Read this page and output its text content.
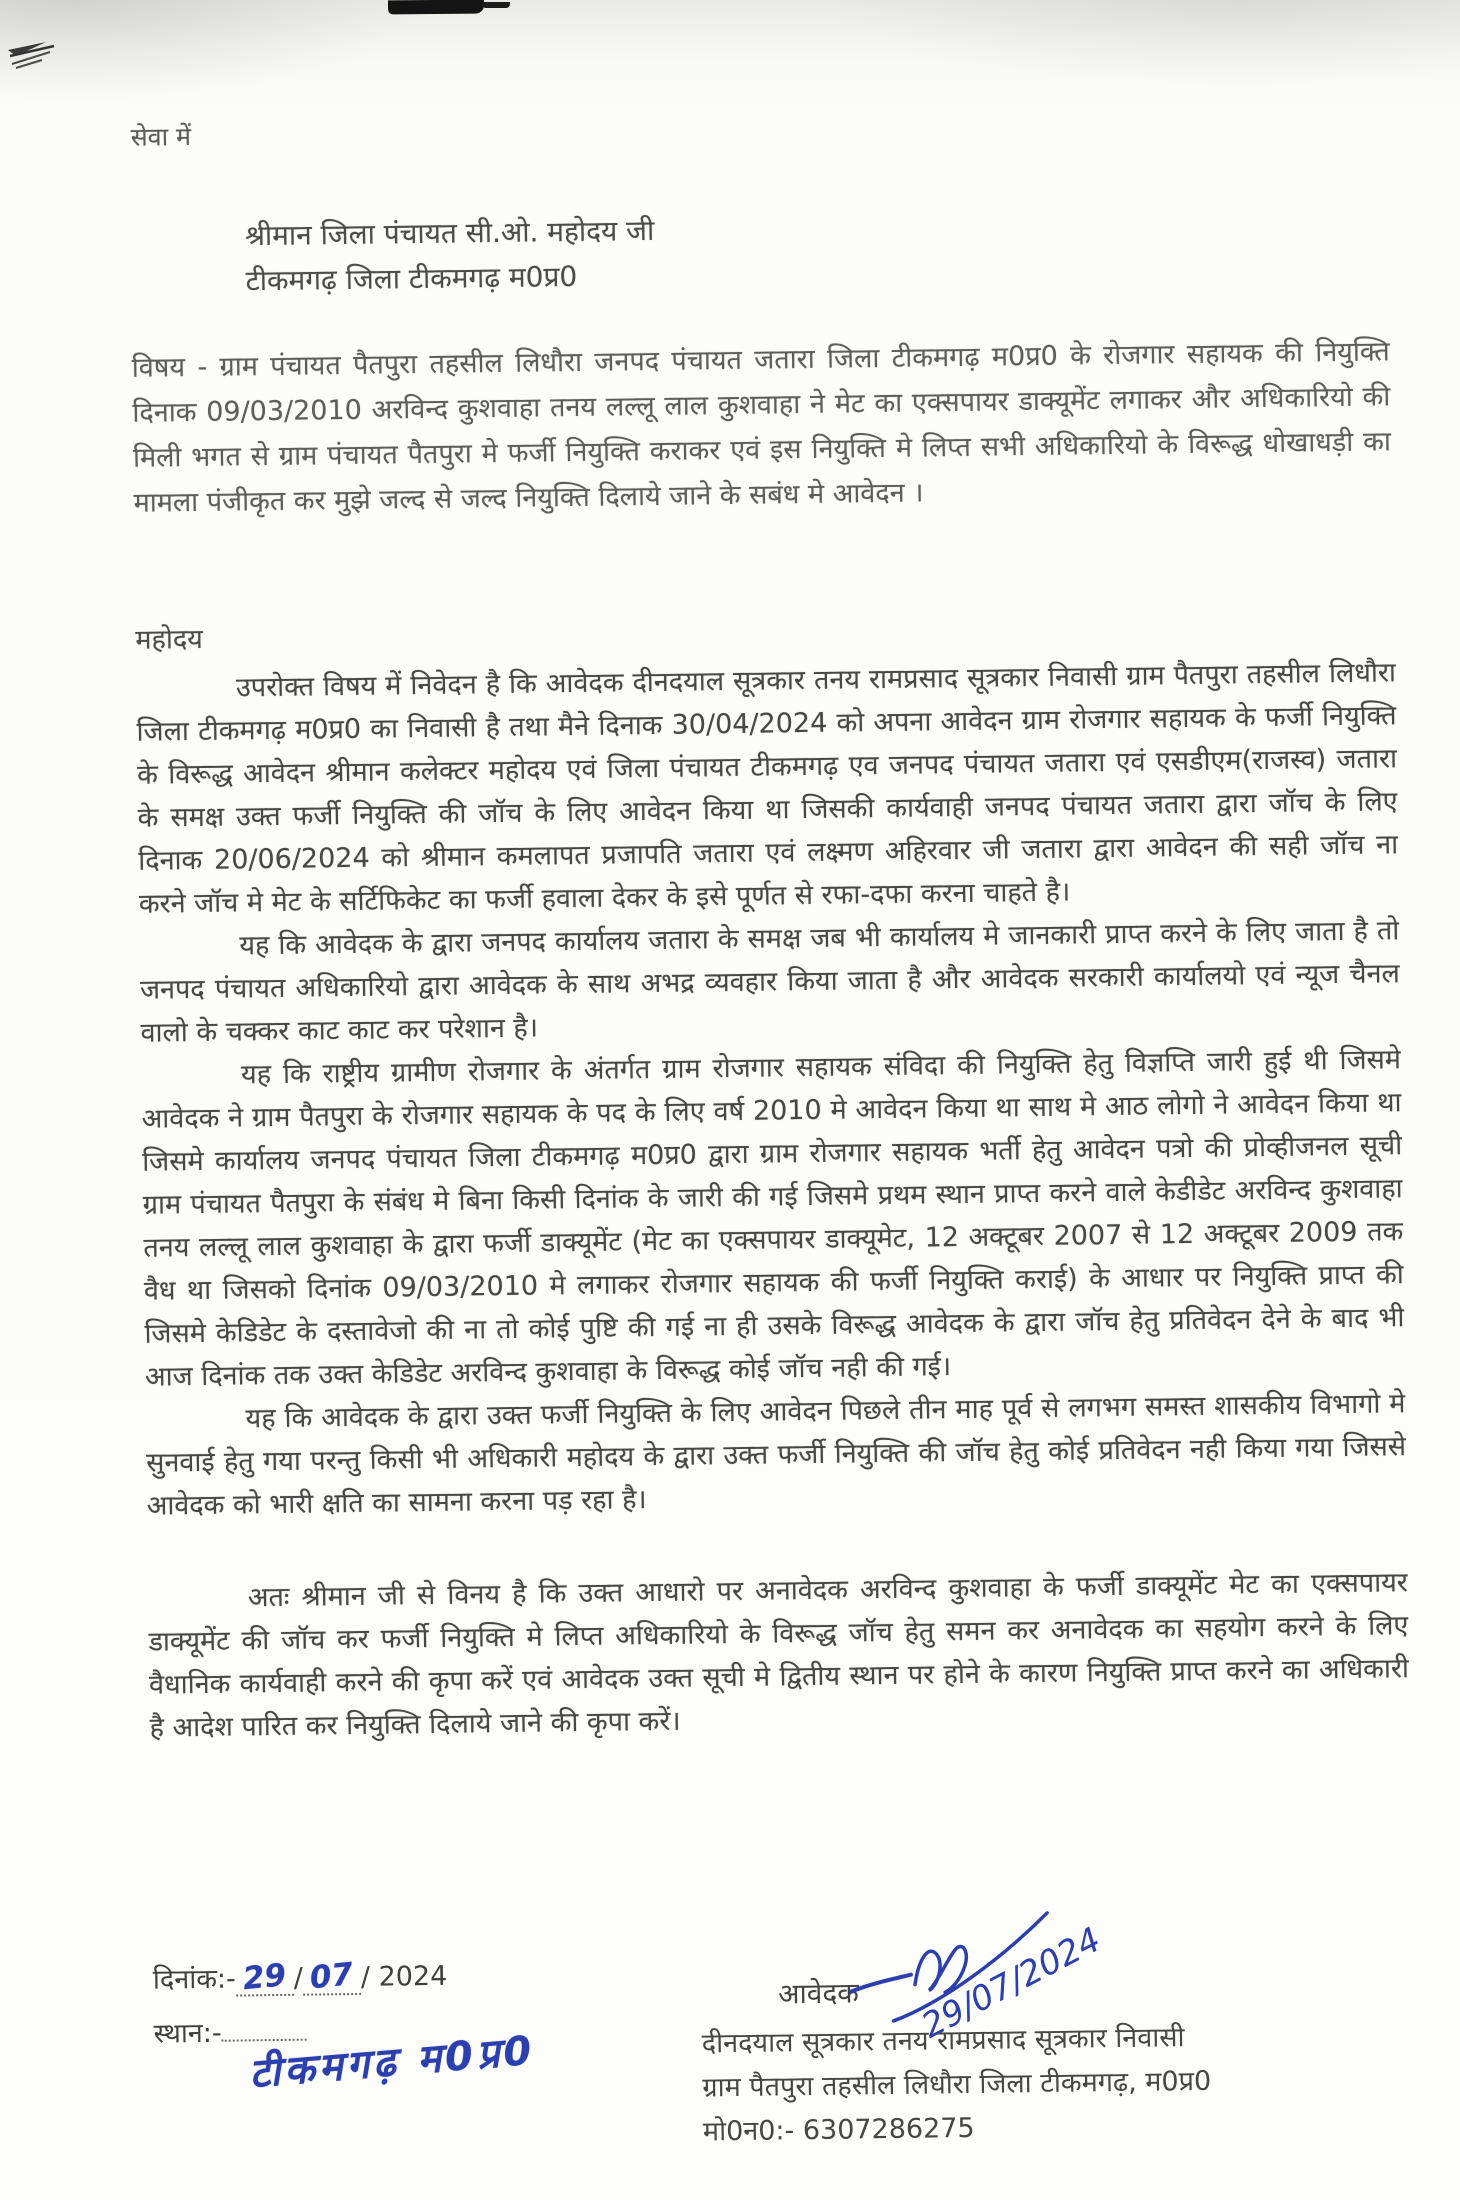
सेवा में
श्रीमान जिला पंचायत सी.ओ. महोदय जी
टीकमगढ़ जिला टीकमगढ़ म0प्र0
विषय - ग्राम पंचायत पैतपुरा तहसील लिधौरा जनपद पंचायत जतारा जिला टीकमगढ़ म0प्र0 के रोजगार सहायक की नियुक्ति दिनाक 09/03/2010 अरविन्द कुशवाहा तनय लल्लू लाल कुशवाहा ने मेट का एक्सपायर डाक्यूमेंट लगाकर और अधिकारियो की मिली भगत से ग्राम पंचायत पैतपुरा मे फर्जी नियुक्ति कराकर एवं इस नियुक्ति मे लिप्त सभी अधिकारियो के विरूद्ध धोखाधड़ी का मामला पंजीकृत कर मुझे जल्द से जल्द नियुक्ति दिलाये जाने के सबंध मे आवेदन ।
महोदय

उपरोक्त विषय में निवेदन है कि आवेदक दीनदयाल सूत्रकार तनय रामप्रसाद सूत्रकार निवासी ग्राम पैतपुरा तहसील लिधौरा जिला टीकमगढ़ म0प्र0 का निवासी है तथा मैने दिनाक 30/04/2024 को अपना आवेदन ग्राम रोजगार सहायक के फर्जी नियुक्ति के विरूद्ध आवेदन श्रीमान कलेक्टर महोदय एवं जिला पंचायत टीकमगढ़ एव जनपद पंचायत जतारा एवं एसडीएम(राजस्व) जतारा के समक्ष उक्त फर्जी नियुक्ति की जॉच के लिए आवेदन किया था जिसकी कार्यवाही जनपद पंचायत जतारा द्वारा जॉच के लिए दिनाक 20/06/2024 को श्रीमान कमलापत प्रजापति जतारा एवं लक्ष्मण अहिरवार जी जतारा द्वारा आवेदन की सही जॉच ना करने जॉच मे मेट के सर्टिफिकेट का फर्जी हवाला देकर के इसे पूर्णत से रफा-दफा करना चाहते है।

यह कि आवेदक के द्वारा जनपद कार्यालय जतारा के समक्ष जब भी कार्यालय मे जानकारी प्राप्त करने के लिए जाता है तो जनपद पंचायत अधिकारियो द्वारा आवेदक के साथ अभद्र व्यवहार किया जाता है और आवेदक सरकारी कार्यालयो एवं न्यूज चैनल वालो के चक्कर काट काट कर परेशान है।

यह कि राष्ट्रीय ग्रामीण रोजगार के अंतर्गत ग्राम रोजगार सहायक संविदा की नियुक्ति हेतु विज्ञप्ति जारी हुई थी जिसमे आवेदक ने ग्राम पैतपुरा के रोजगार सहायक के पद के लिए वर्ष 2010 मे आवेदन किया था साथ मे आठ लोगो ने आवेदन किया था जिसमे कार्यालय जनपद पंचायत जिला टीकमगढ़ म0प्र0 द्वारा ग्राम रोजगार सहायक भर्ती हेतु आवेदन पत्रो की प्रोव्हीजनल सूची ग्राम पंचायत पैतपुरा के संबंध मे बिना किसी दिनांक के जारी की गई जिसमे प्रथम स्थान प्राप्त करने वाले केडीडेट अरविन्द कुशवाहा तनय लल्लू लाल कुशवाहा के द्वारा फर्जी डाक्यूमेंट (मेट का एक्सपायर डाक्यूमेट, 12 अक्टूबर 2007 से 12 अक्टूबर 2009 तक वैध था जिसको दिनांक 09/03/2010 मे लगाकर रोजगार सहायक की फर्जी नियुक्ति कराई) के आधार पर नियुक्ति प्राप्त की जिसमे केडिडेट के दस्तावेजो की ना तो कोई पुष्टि की गई ना ही उसके विरूद्ध आवेदक के द्वारा जॉच हेतु प्रतिवेदन देने के बाद भी आज दिनांक तक उक्त केडिडेट अरविन्द कुशवाहा के विरूद्ध कोई जॉच नही की गई।

यह कि आवेदक के द्वारा उक्त फर्जी नियुक्ति के लिए आवेदन पिछले तीन माह पूर्व से लगभग समस्त शासकीय विभागो मे सुनवाई हेतु गया परन्तु किसी भी अधिकारी महोदय के द्वारा उक्त फर्जी नियुक्ति की जॉच हेतु कोई प्रतिवेदन नही किया गया जिससे आवेदक को भारी क्षति का सामना करना पड़ रहा है।

अतः श्रीमान जी से विनय है कि उक्त आधारो पर अनावेदक अरविन्द कुशवाहा के फर्जी डाक्यूमेंट मेट का एक्सपायर डाक्यूमेंट की जॉच कर फर्जी नियुक्ति मे लिप्त अधिकारियो के विरूद्ध जॉच हेतु समन कर अनावेदक का सहयोग करने के लिए वैधानिक कार्यवाही करने की कृपा करें एवं आवेदक उक्त सूची मे द्वितीय स्थान पर होने के कारण नियुक्ति प्राप्त करने का अधिकारी है आदेश पारित कर नियुक्ति दिलाये जाने की कृपा करें।

दिनांक:- 29 / 07 / 2024
स्थान:- टीकमगढ़ म0प्र0
आवेदक 29/07/2024
दीनदयाल सूत्रकार तनय रामप्रसाद सूत्रकार निवासी
ग्राम पैतपुरा तहसील लिधौरा जिला टीकमगढ़, म0प्र0
मो0न0:- 6307286275
